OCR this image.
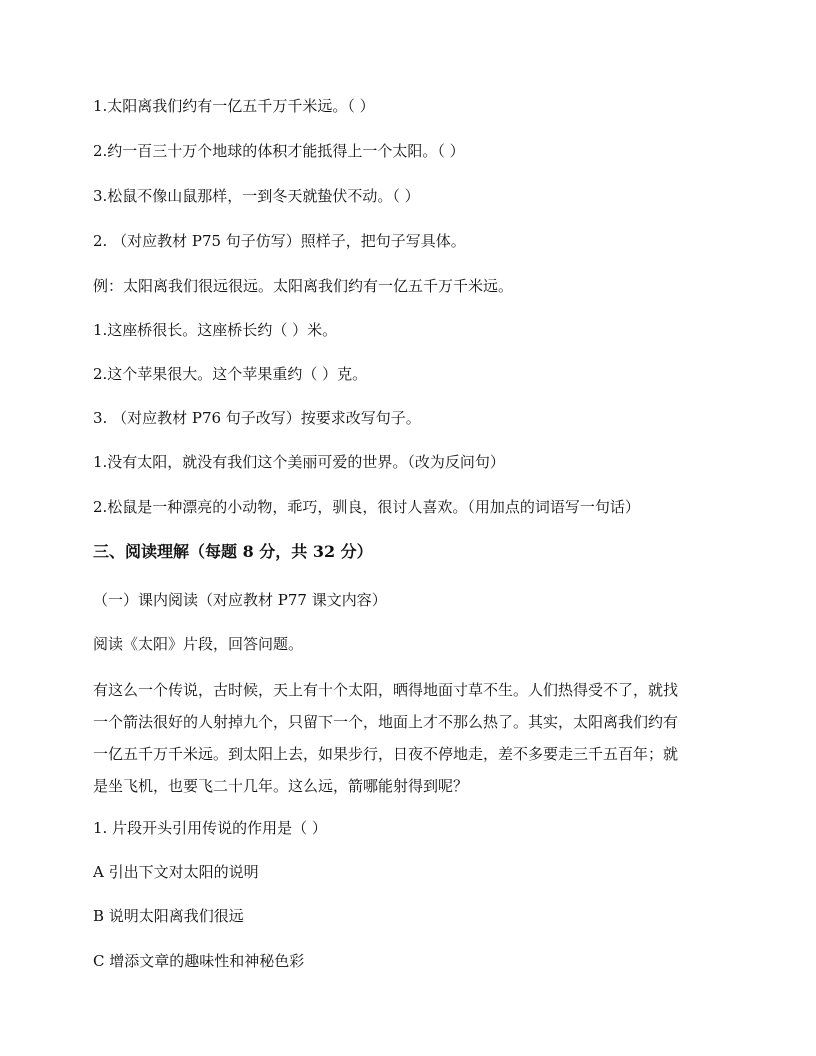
1.太阳离我们约有一亿五千万千米远。（ ）
2.约一百三十万个地球的体积才能抵得上一个太阳。（ ）
3.松鼠不像山鼠那样，一到冬天就蛰伏不动。（ ）
2. （对应教材 P75 句子仿写）照样子，把句子写具体。
例：太阳离我们很远很远。太阳离我们约有一亿五千万千米远。
1.这座桥很长。这座桥长约（ ）米。
2.这个苹果很大。这个苹果重约（ ）克。
3. （对应教材 P76 句子改写）按要求改写句子。
1.没有太阳，就没有我们这个美丽可爱的世界。（改为反问句）
2.松鼠是一种漂亮的小动物，乖巧，驯良，很讨人喜欢。（用加点的词语写一句话）
三、阅读理解（每题 8 分，共 32 分）
（一）课内阅读（对应教材 P77 课文内容）
阅读《太阳》片段，回答问题。
有这么一个传说，古时候，天上有十个太阳，晒得地面寸草不生。人们热得受不了，就找
一个箭法很好的人射掉九个，只留下一个，地面上才不那么热了。其实，太阳离我们约有
一亿五千万千米远。到太阳上去，如果步行，日夜不停地走，差不多要走三千五百年；就
是坐飞机，也要飞二十几年。这么远，箭哪能射得到呢？
1. 片段开头引用传说的作用是（ ）
A 引出下文对太阳的说明
B 说明太阳离我们很远
C 增添文章的趣味性和神秘色彩
